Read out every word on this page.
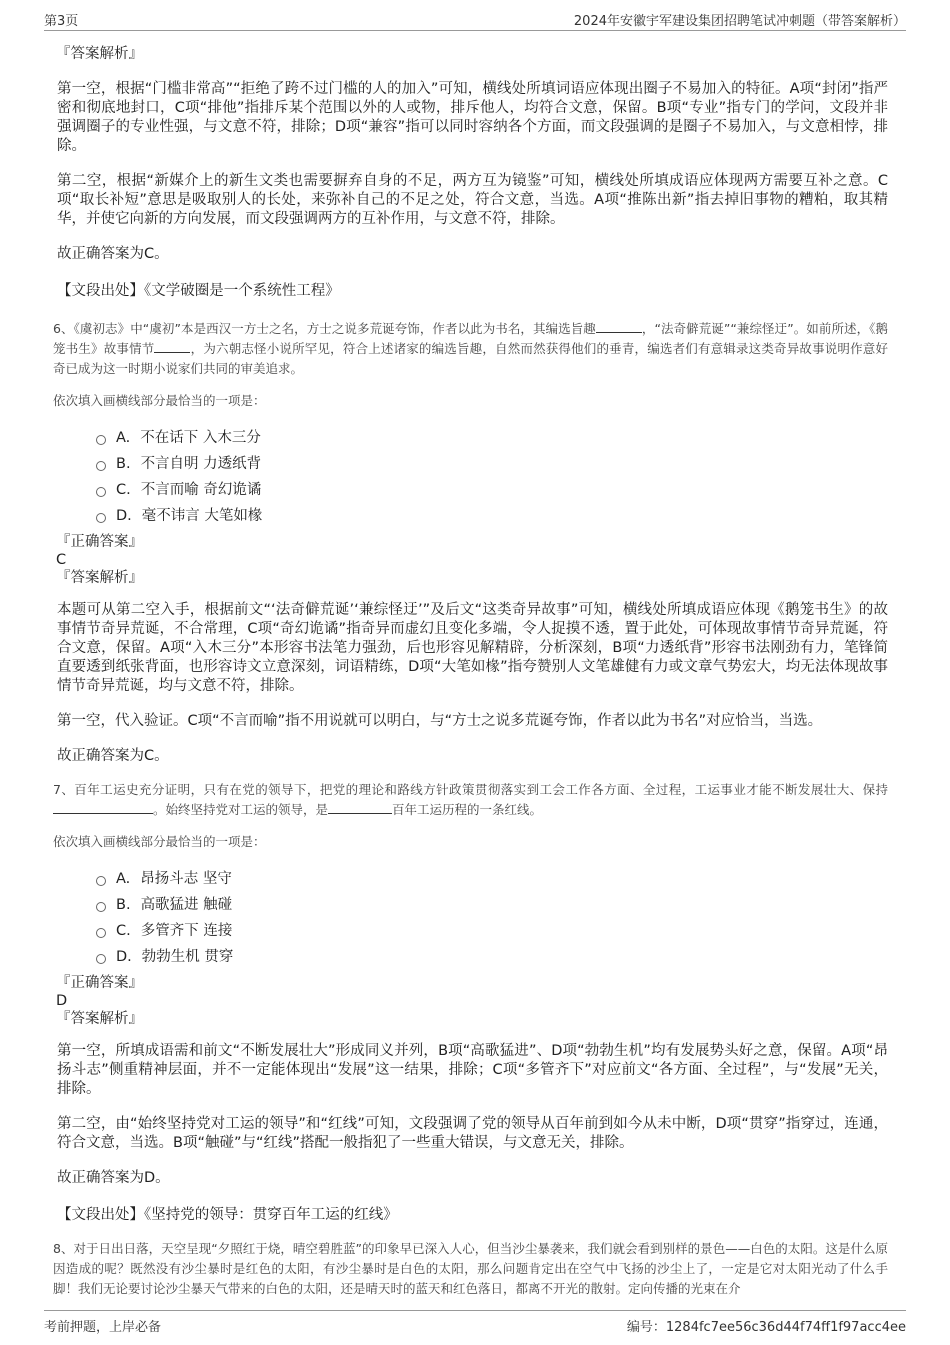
第3页	2024年安徽宇军建设集团招聘笔试冲刺题（带答案解析）

『答案解析』

第一空，根据“门槛非常高”“拒绝了跨不过门槛的人的加入”可知，横线处所填词语应体现出圈子不易加入的特征。A项“封闭”指严密和彻底地封口，C项“排他”指排斥某个范围以外的人或物，排斥他人，均符合文意，保留。B项“专业”指专门的学问，文段并非强调圈子的专业性强，与文意不符，排除；D项“兼容”指可以同时容纳各个方面，而文段强调的是圈子不易加入，与文意相悖，排除。

第二空，根据“新媒介上的新生文类也需要摒弃自身的不足，两方互为镜鉴”可知，横线处所填成语应体现两方需要互补之意。C项“取长补短”意思是吸取别人的长处，来弥补自己的不足之处，符合文意，当选。A项“推陈出新”指去掉旧事物的糟粕，取其精华，并使它向新的方向发展，而文段强调两方的互补作用，与文意不符，排除。

故正确答案为C。

【文段出处】《文学破圈是一个系统性工程》

6、《虞初志》中“虞初”本是西汉一方士之名，方士之说多荒诞夸饰，作者以此为书名，其编选旨趣	，“法奇僻荒诞”“兼综怪迂”。如前所述，《鹅笼书生》故事情节	，为六朝志怪小说所罕见，符合上述诸家的编选旨趣，自然而然获得他们的垂青，编选者们有意辑录这类奇异故事说明作意好奇已成为这一时期小说家们共同的审美追求。

依次填入画横线部分最恰当的一项是：

A. 不在话下 入木三分
B. 不言自明 力透纸背
C. 不言而喻 奇幻诡谲
D. 毫不讳言 大笔如椽

『正确答案』

C

『答案解析』

本题可从第二空入手，根据前文“‘法奇僻荒诞’‘兼综怪迂’”及后文“这类奇异故事”可知，横线处所填成语应体现《鹅笼书生》的故事情节奇异荒诞，不合常理，C项“奇幻诡谲”指奇异而虚幻且变化多端，令人捉摸不透，置于此处，可体现故事情节奇异荒诞，符合文意，保留。A项“入木三分”本形容书法笔力强劲，后也形容见解精辟，分析深刻，B项“力透纸背”形容书法刚劲有力，笔锋简直要透到纸张背面，也形容诗文立意深刻，词语精练，D项“大笔如椽”指夸赞别人文笔雄健有力或文章气势宏大，均无法体现故事情节奇异荒诞，均与文意不符，排除。

第一空，代入验证。C项“不言而喻”指不用说就可以明白，与“方士之说多荒诞夸饰，作者以此为书名”对应恰当，当选。

故正确答案为C。

7、百年工运史充分证明，只有在党的领导下，把党的理论和路线方针政策贯彻落实到工会工作各方面、全过程，工运事业才能不断发展壮大、保持。始终坚持党对工运的领导，是	百年工运历程的一条红线。

依次填入画横线部分最恰当的一项是：

A. 昂扬斗志 坚守
B. 高歌猛进 触碰
C. 多管齐下 连接
D. 勃勃生机 贯穿

『正确答案』

D

『答案解析』

第一空，所填成语需和前文“不断发展壮大”形成同义并列，B项“高歌猛进”、D项“勃勃生机”均有发展势头好之意，保留。A项“昂扬斗志”侧重精神层面，并不一定能体现出“发展”这一结果，排除；C项“多管齐下”对应前文“各方面、全过程”，与“发展”无关，排除。

第二空，由“始终坚持党对工运的领导”和“红线”可知，文段强调了党的领导从百年前到如今从未中断，D项“贯穿”指穿过，连通，符合文意，当选。B项“触碰”与“红线”搭配一般指犯了一些重大错误，与文意无关，排除。

故正确答案为D。

【文段出处】《坚持党的领导：贯穿百年工运的红线》

8、对于日出日落，天空呈现“夕照红于烧，晴空碧胜蓝”的印象早已深入人心，但当沙尘暴袭来，我们就会看到别样的景色——白色的太阳。这是什么原因造成的呢？既然没有沙尘暴时是红色的太阳，有沙尘暴时是白色的太阳，那么问题肯定出在空气中飞扬的沙尘上了，一定是它对太阳光动了什么手脚！我们无论要讨论沙尘暴天气带来的白色的太阳，还是晴天时的蓝天和红色落日，都离不开光的散射。定向传播的光束在介

考前押题，上岸必备	编号：1284fc7ee56c36d44f74ff1f97acc4ee
